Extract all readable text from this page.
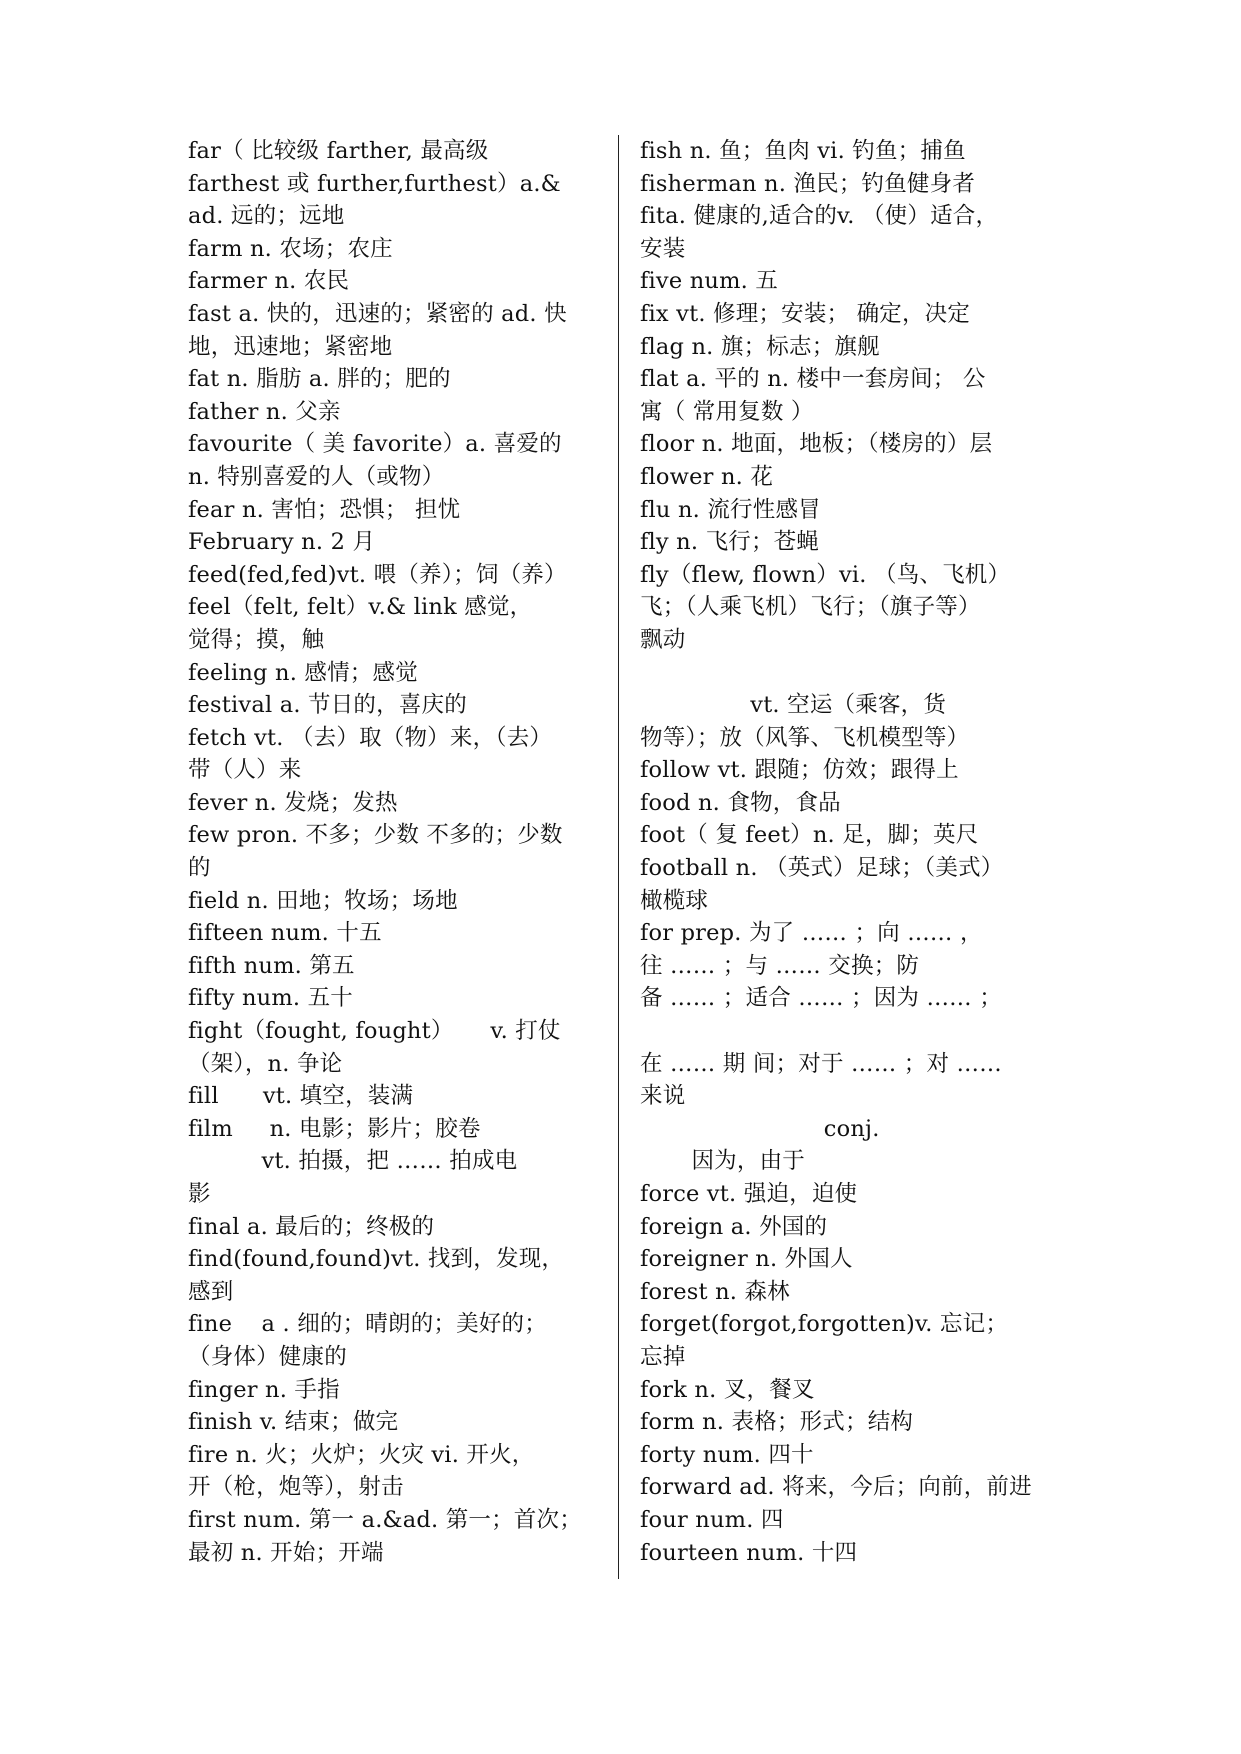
far（ 比较级 farther, 最高级
farthest 或 further,furthest）a.&
ad. 远的；远地
farm n. 农场；农庄
farmer n. 农民
fast a. 快的，迅速的；紧密的 ad. 快
地，迅速地；紧密地
fat n. 脂肪 a. 胖的；肥的
father n. 父亲
favourite（ 美 favorite）a. 喜爱的
n. 特别喜爱的人（或物）
fear n. 害怕；恐惧； 担忧
February n. 2 月
feed(fed,fed)vt. 喂（养）；饲（养）
feel（felt, felt）v.& link 感觉，
觉得；摸，触
feeling n. 感情；感觉
festival a. 节日的，喜庆的
fetch vt. （去）取（物）来，（去）
带（人）来
fever n. 发烧；发热
few pron. 不多；少数 不多的；少数
的
field n. 田地；牧场；场地
fifteen num. 十五
fifth num. 第五
fifty num. 五十
fight（fought, fought）     v. 打仗
（架），n. 争论
fill      vt. 填空，装满
film     n. 电影；影片；胶卷
vt. 拍摄，把 …… 拍成电
影
final a. 最后的；终极的
find(found,found)vt. 找到，发现，
感到
fine    a . 细的；晴朗的；美好的；
（身体）健康的
finger n. 手指
finish v. 结束；做完
fire n. 火；火炉；火灾 vi. 开火，
开（枪，炮等），射击
first num. 第一 a.&ad. 第一；首次；
最初 n. 开始；开端
fish n. 鱼；鱼肉 vi. 钓鱼；捕鱼
fisherman n. 渔民；钓鱼健身者
fita. 健康的,适合的v. （使）适合，
安装
five num. 五
fix vt. 修理；安装； 确定，决定
flag n. 旗；标志；旗舰
flat a. 平的 n. 楼中一套房间； 公
寓（ 常用复数 ）
floor n. 地面，地板；（楼房的）层
flower n. 花
flu n. 流行性感冒
fly n. 飞行；苍蝇
fly（flew, flown）vi. （鸟、飞机）
飞；（人乘飞机）飞行；（旗子等）
飘动
vt. 空运（乘客，货
物等）；放（风筝、飞机模型等）
follow vt. 跟随；仿效；跟得上
food n. 食物，食品
foot（ 复 feet）n. 足，脚；英尺
football n. （英式）足球；（美式）
橄榄球
for prep. 为了 …… ；向 …… ，
往 …… ；与 …… 交换；防
备 …… ；适合 …… ；因为 …… ；
在 …… 期 间；对于 …… ；对 ……
来说
conj.
因为，由于
force vt. 强迫，迫使
foreign a. 外国的
foreigner n. 外国人
forest n. 森林
forget(forgot,forgotten)v. 忘记；
忘掉
fork n. 叉，餐叉
form n. 表格；形式；结构
forty num. 四十
forward ad. 将来，今后；向前，前进
four num. 四
fourteen num. 十四
